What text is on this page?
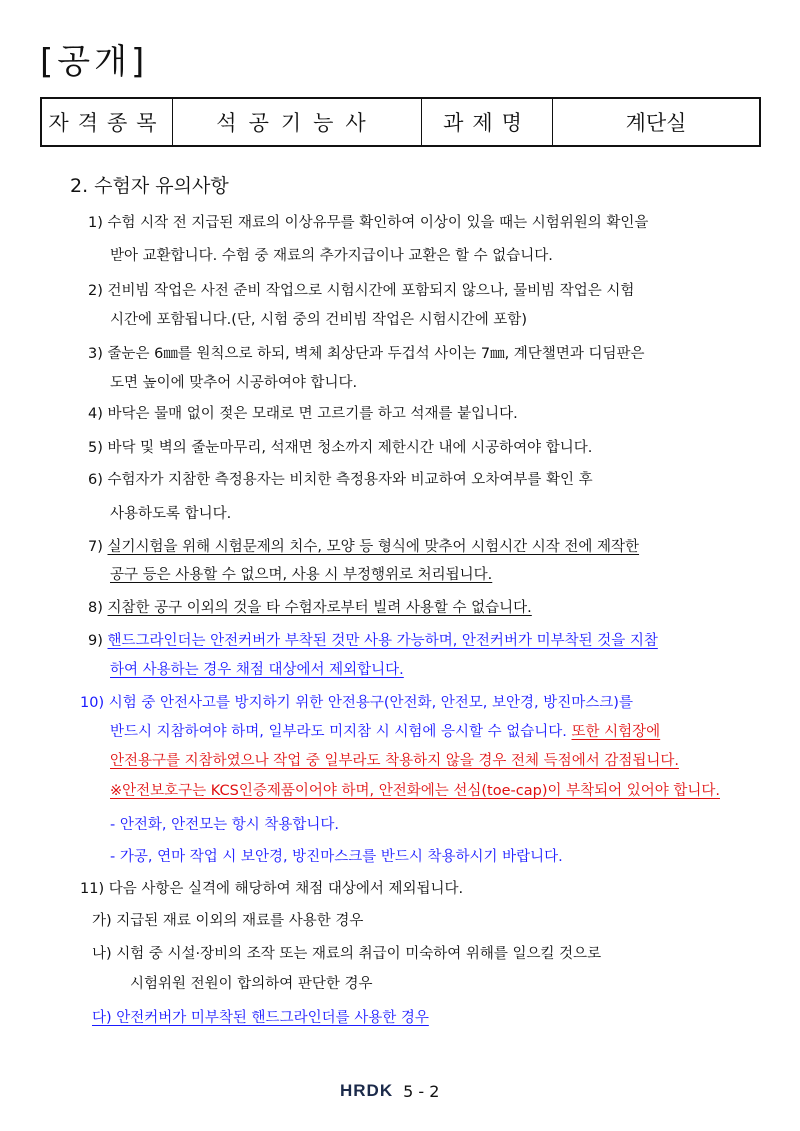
[공개]
자격종목	석공기능사	과제명	계단실
2. 수험자 유의사항
1) 수험 시작 전 지급된 재료의 이상유무를 확인하여 이상이 있을 때는 시험위원의 확인을
받아 교환합니다. 수험 중 재료의 추가지급이나 교환은 할 수 없습니다.
2) 건비빔 작업은 사전 준비 작업으로 시험시간에 포함되지 않으나, 물비빔 작업은 시험
시간에 포함됩니다.(단, 시험 중의 건비빔 작업은 시험시간에 포함)
3) 줄눈은 6㎜를 원칙으로 하되, 벽체 최상단과 두겁석 사이는 7㎜, 계단챌면과 디딤판은
도면 높이에 맞추어 시공하여야 합니다.
4) 바닥은 물매 없이 젖은 모래로 면 고르기를 하고 석재를 붙입니다.
5) 바닥 및 벽의 줄눈마무리, 석재면 청소까지 제한시간 내에 시공하여야 합니다.
6) 수험자가 지참한 측정용자는 비치한 측정용자와 비교하여 오차여부를 확인 후
사용하도록 합니다.
7) 실기시험을 위해 시험문제의 치수, 모양 등 형식에 맞추어 시험시간 시작 전에 제작한
공구 등은 사용할 수 없으며, 사용 시 부정행위로 처리됩니다.
8) 지참한 공구 이외의 것을 타 수험자로부터 빌려 사용할 수 없습니다.
9) 핸드그라인더는 안전커버가 부착된 것만 사용 가능하며, 안전커버가 미부착된 것을 지참
하여 사용하는 경우 채점 대상에서 제외합니다.
10) 시험 중 안전사고를 방지하기 위한 안전용구(안전화, 안전모, 보안경, 방진마스크)를
반드시 지참하여야 하며, 일부라도 미지참 시 시험에 응시할 수 없습니다. 또한 시험장에
안전용구를 지참하였으나 작업 중 일부라도 착용하지 않을 경우 전체 득점에서 감점됩니다.
※안전보호구는 KCS인증제품이어야 하며, 안전화에는 선심(toe-cap)이 부착되어 있어야 합니다.
- 안전화, 안전모는 항시 착용합니다.
- 가공, 연마 작업 시 보안경, 방진마스크를 반드시 착용하시기 바랍니다.
11) 다음 사항은 실격에 해당하여 채점 대상에서 제외됩니다.
가) 지급된 재료 이외의 재료를 사용한 경우
나) 시험 중 시설·장비의 조작 또는 재료의 취급이 미숙하여 위해를 일으킬 것으로
시험위원 전원이 합의하여 판단한 경우
다) 안전커버가 미부착된 핸드그라인더를 사용한 경우
HRDK 5 - 2
